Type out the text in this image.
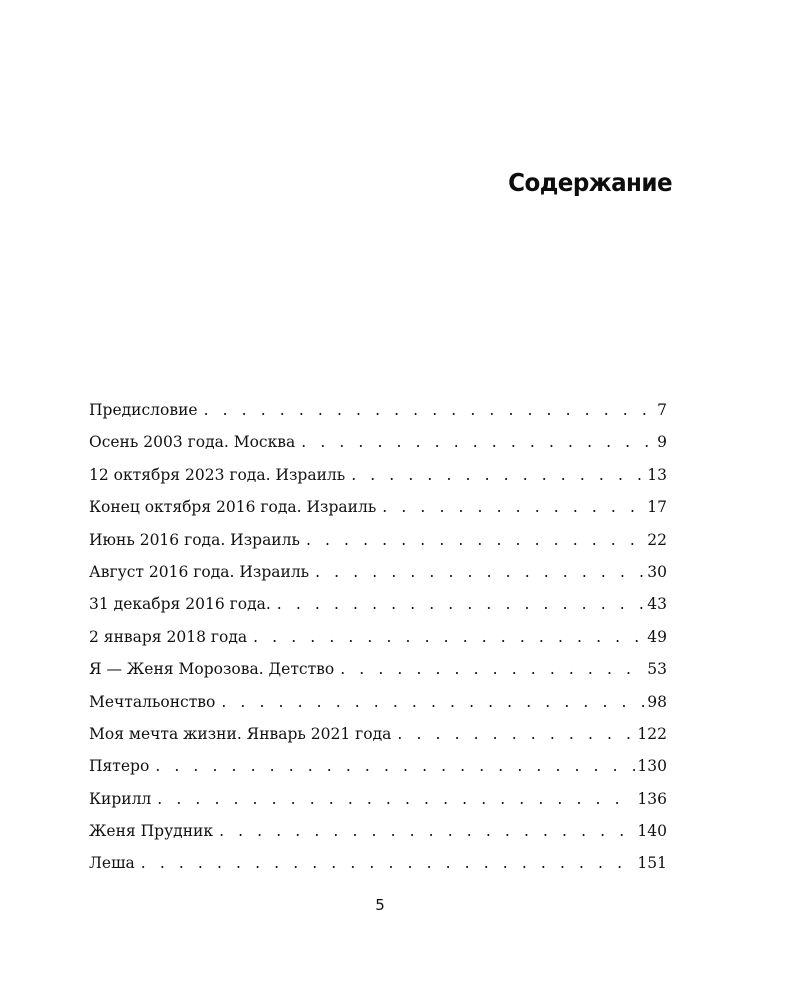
Содержание
Предисловие . . .	7
Осень 2003 года. Москва . . .	9
12 октября 2023 года. Израиль . . .	13
Конец октября 2016 года. Израиль . . .	17
Июнь 2016 года. Израиль . . .	22
Август 2016 года. Израиль . . .	30
31 декабря 2016 года. . . .	43
2 января 2018 года . . .	49
Я — Женя Морозова. Детство . . .	53
Мечтальонство . . .	98
Моя мечта жизни. Январь 2021 года . . .	122
Пятеро . . .	130
Кирилл . . .	136
Женя Прудник . . .	140
Леша . . .	151
5
